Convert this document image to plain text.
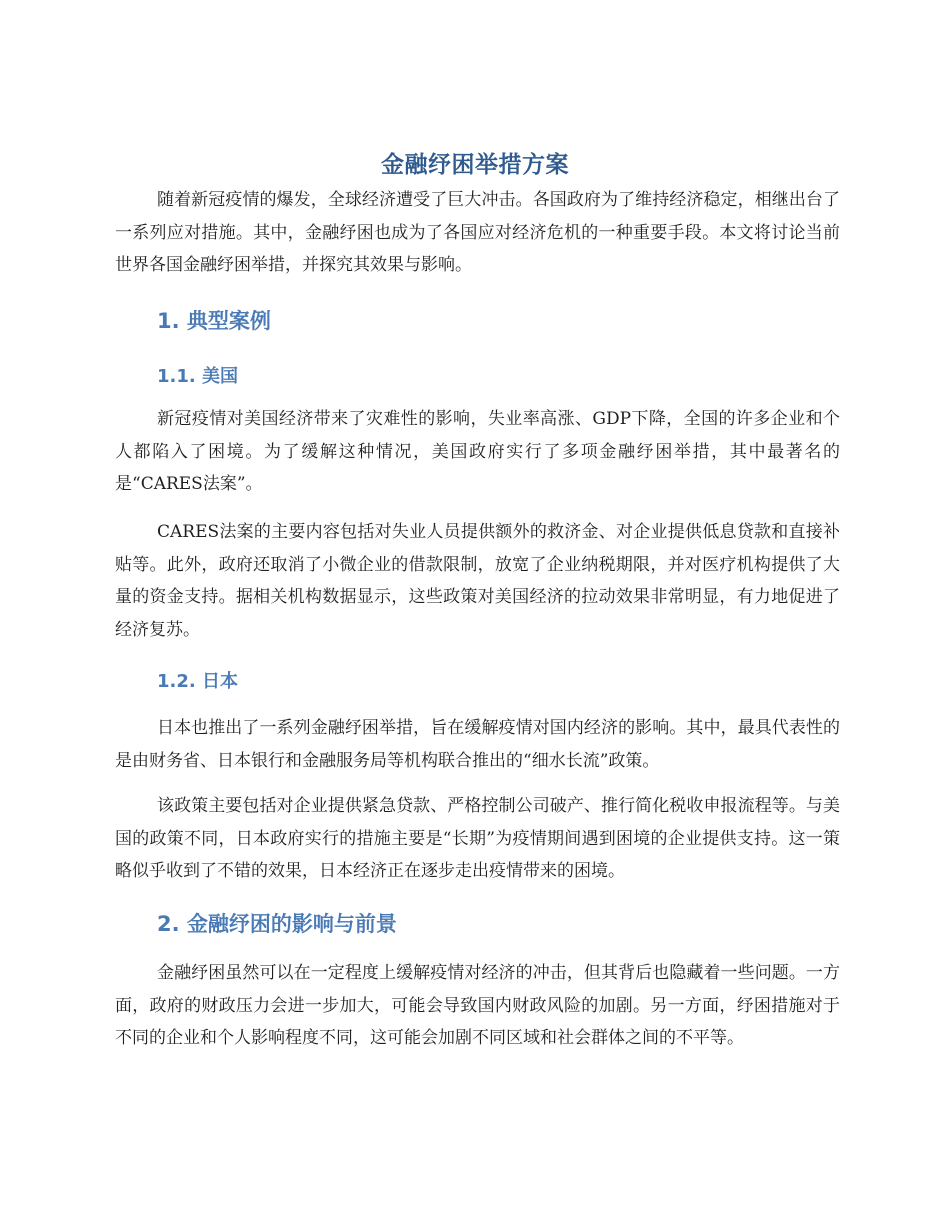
金融纾困举措方案

随着新冠疫情的爆发，全球经济遭受了巨大冲击。各国政府为了维持经济稳定，相继出台了一系列应对措施。其中，金融纾困也成为了各国应对经济危机的一种重要手段。本文将讨论当前世界各国金融纾困举措，并探究其效果与影响。

1. 典型案例
1.1. 美国

新冠疫情对美国经济带来了灾难性的影响，失业率高涨、GDP下降，全国的许多企业和个人都陷入了困境。为了缓解这种情况，美国政府实行了多项金融纾困举措，其中最著名的是“CARES法案”。

CARES法案的主要内容包括对失业人员提供额外的救济金、对企业提供低息贷款和直接补贴等。此外，政府还取消了小微企业的借款限制，放宽了企业纳税期限，并对医疗机构提供了大量的资金支持。据相关机构数据显示，这些政策对美国经济的拉动效果非常明显，有力地促进了经济复苏。

1.2. 日本

日本也推出了一系列金融纾困举措，旨在缓解疫情对国内经济的影响。其中，最具代表性的是由财务省、日本银行和金融服务局等机构联合推出的“细水长流”政策。

该政策主要包括对企业提供紧急贷款、严格控制公司破产、推行简化税收申报流程等。与美国的政策不同，日本政府实行的措施主要是“长期”为疫情期间遇到困境的企业提供支持。这一策略似乎收到了不错的效果，日本经济正在逐步走出疫情带来的困境。

2. 金融纾困的影响与前景

金融纾困虽然可以在一定程度上缓解疫情对经济的冲击，但其背后也隐藏着一些问题。一方面，政府的财政压力会进一步加大，可能会导致国内财政风险的加剧。另一方面，纾困措施对于不同的企业和个人影响程度不同，这可能会加剧不同区域和社会群体之间的不平等。
